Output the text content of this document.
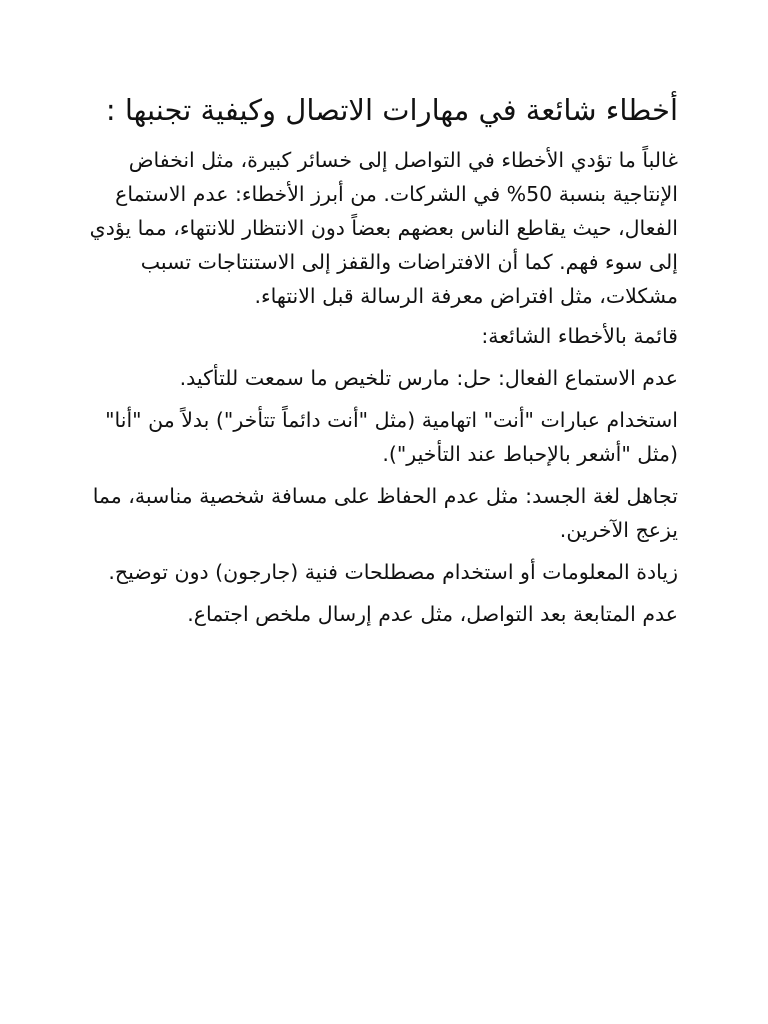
أخطاء شائعة في مهارات الاتصال وكيفية تجنبها :

غالباً ما تؤدي الأخطاء في التواصل إلى خسائر كبيرة، مثل انخفاض الإنتاجية بنسبة 50% في الشركات. من أبرز الأخطاء: عدم الاستماع الفعال، حيث يقاطع الناس بعضهم بعضاً دون الانتظار للانتهاء، مما يؤدي إلى سوء فهم. كما أن الافتراضات والقفز إلى الاستنتاجات تسبب مشكلات، مثل افتراض معرفة الرسالة قبل الانتهاء.

قائمة بالأخطاء الشائعة:

عدم الاستماع الفعال: حل: مارس تلخيص ما سمعت للتأكيد.

استخدام عبارات "أنت" اتهامية (مثل "أنت دائماً تتأخر") بدلاً من "أنا" (مثل "أشعر بالإحباط عند التأخير").

تجاهل لغة الجسد: مثل عدم الحفاظ على مسافة شخصية مناسبة، مما يزعج الآخرين.

زيادة المعلومات أو استخدام مصطلحات فنية (جارجون) دون توضيح.

عدم المتابعة بعد التواصل، مثل عدم إرسال ملخص اجتماع.
